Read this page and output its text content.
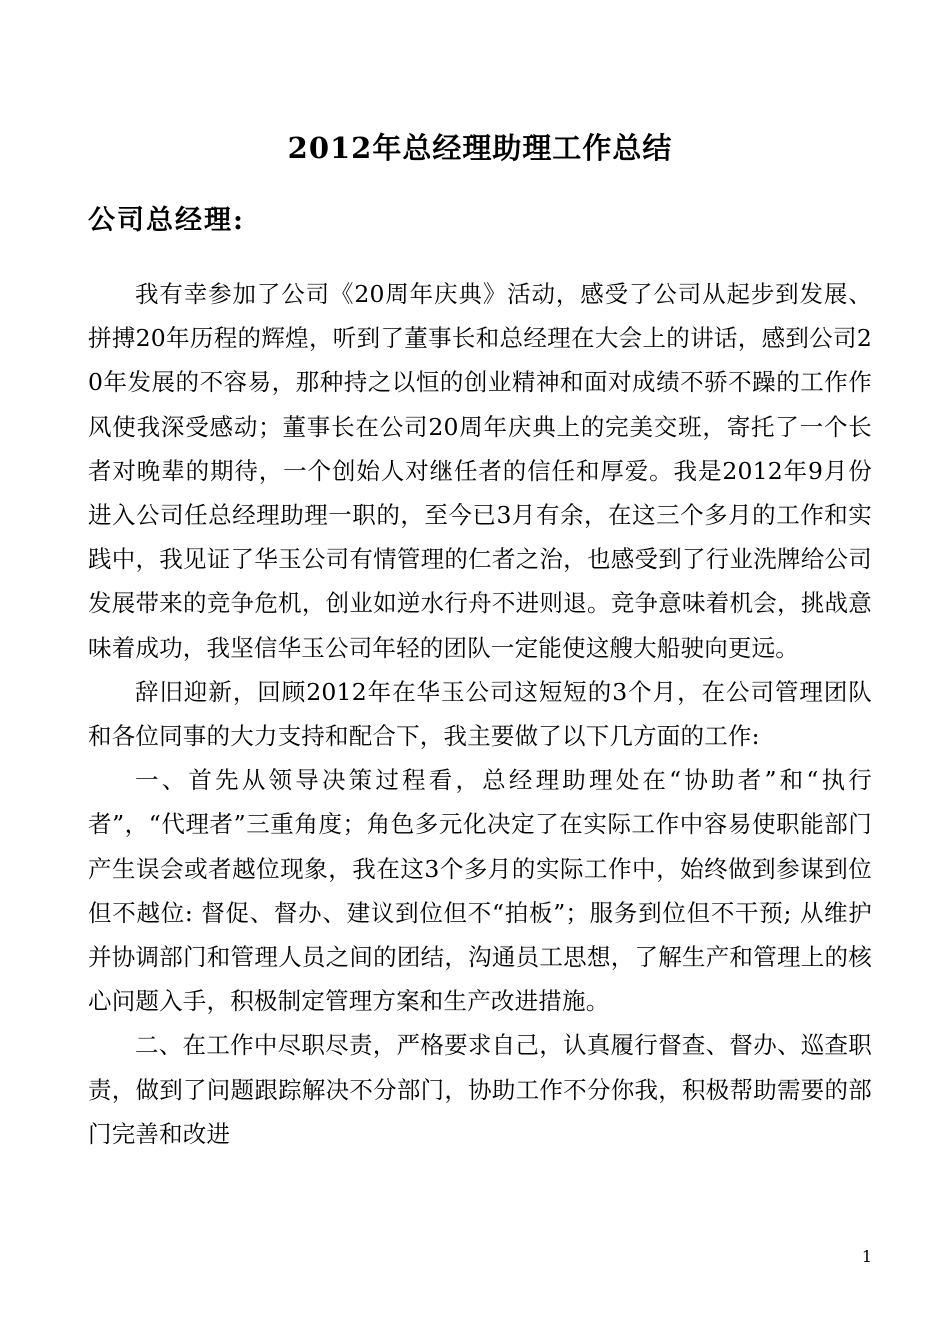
2012年总经理助理工作总结
公司总经理:

我有幸参加了公司《20周年庆典》活动，感受了公司从起步到发展、拼搏20年历程的辉煌，听到了董事长和总经理在大会上的讲话，感到公司20年发展的不容易，那种持之以恒的创业精神和面对成绩不骄不躁的工作作风使我深受感动；董事长在公司20周年庆典上的完美交班，寄托了一个长者对晚辈的期待，一个创始人对继任者的信任和厚爱。我是2012年9月份进入公司任总经理助理一职的，至今已3月有余，在这三个多月的工作和实践中，我见证了华玉公司有情管理的仁者之治，也感受到了行业洗牌给公司发展带来的竞争危机，创业如逆水行舟不进则退。竞争意味着机会，挑战意味着成功，我坚信华玉公司年轻的团队一定能使这艘大船驶向更远。

辞旧迎新，回顾2012年在华玉公司这短短的3个月，在公司管理团队和各位同事的大力支持和配合下，我主要做了以下几方面的工作:

一、首先从领导决策过程看，总经理助理处在“协助者”和“执行者”，“代理者”三重角度；角色多元化决定了在实际工作中容易使职能部门产生误会或者越位现象，我在这3个多月的实际工作中，始终做到参谋到位但不越位: 督促、督办、建议到位但不“拍板”；服务到位但不干预; 从维护并协调部门和管理人员之间的团结，沟通员工思想，了解生产和管理上的核心问题入手，积极制定管理方案和生产改进措施。

二、在工作中尽职尽责，严格要求自己，认真履行督查、督办、巡查职责，做到了问题跟踪解决不分部门，协助工作不分你我，积极帮助需要的部门完善和改进

1
